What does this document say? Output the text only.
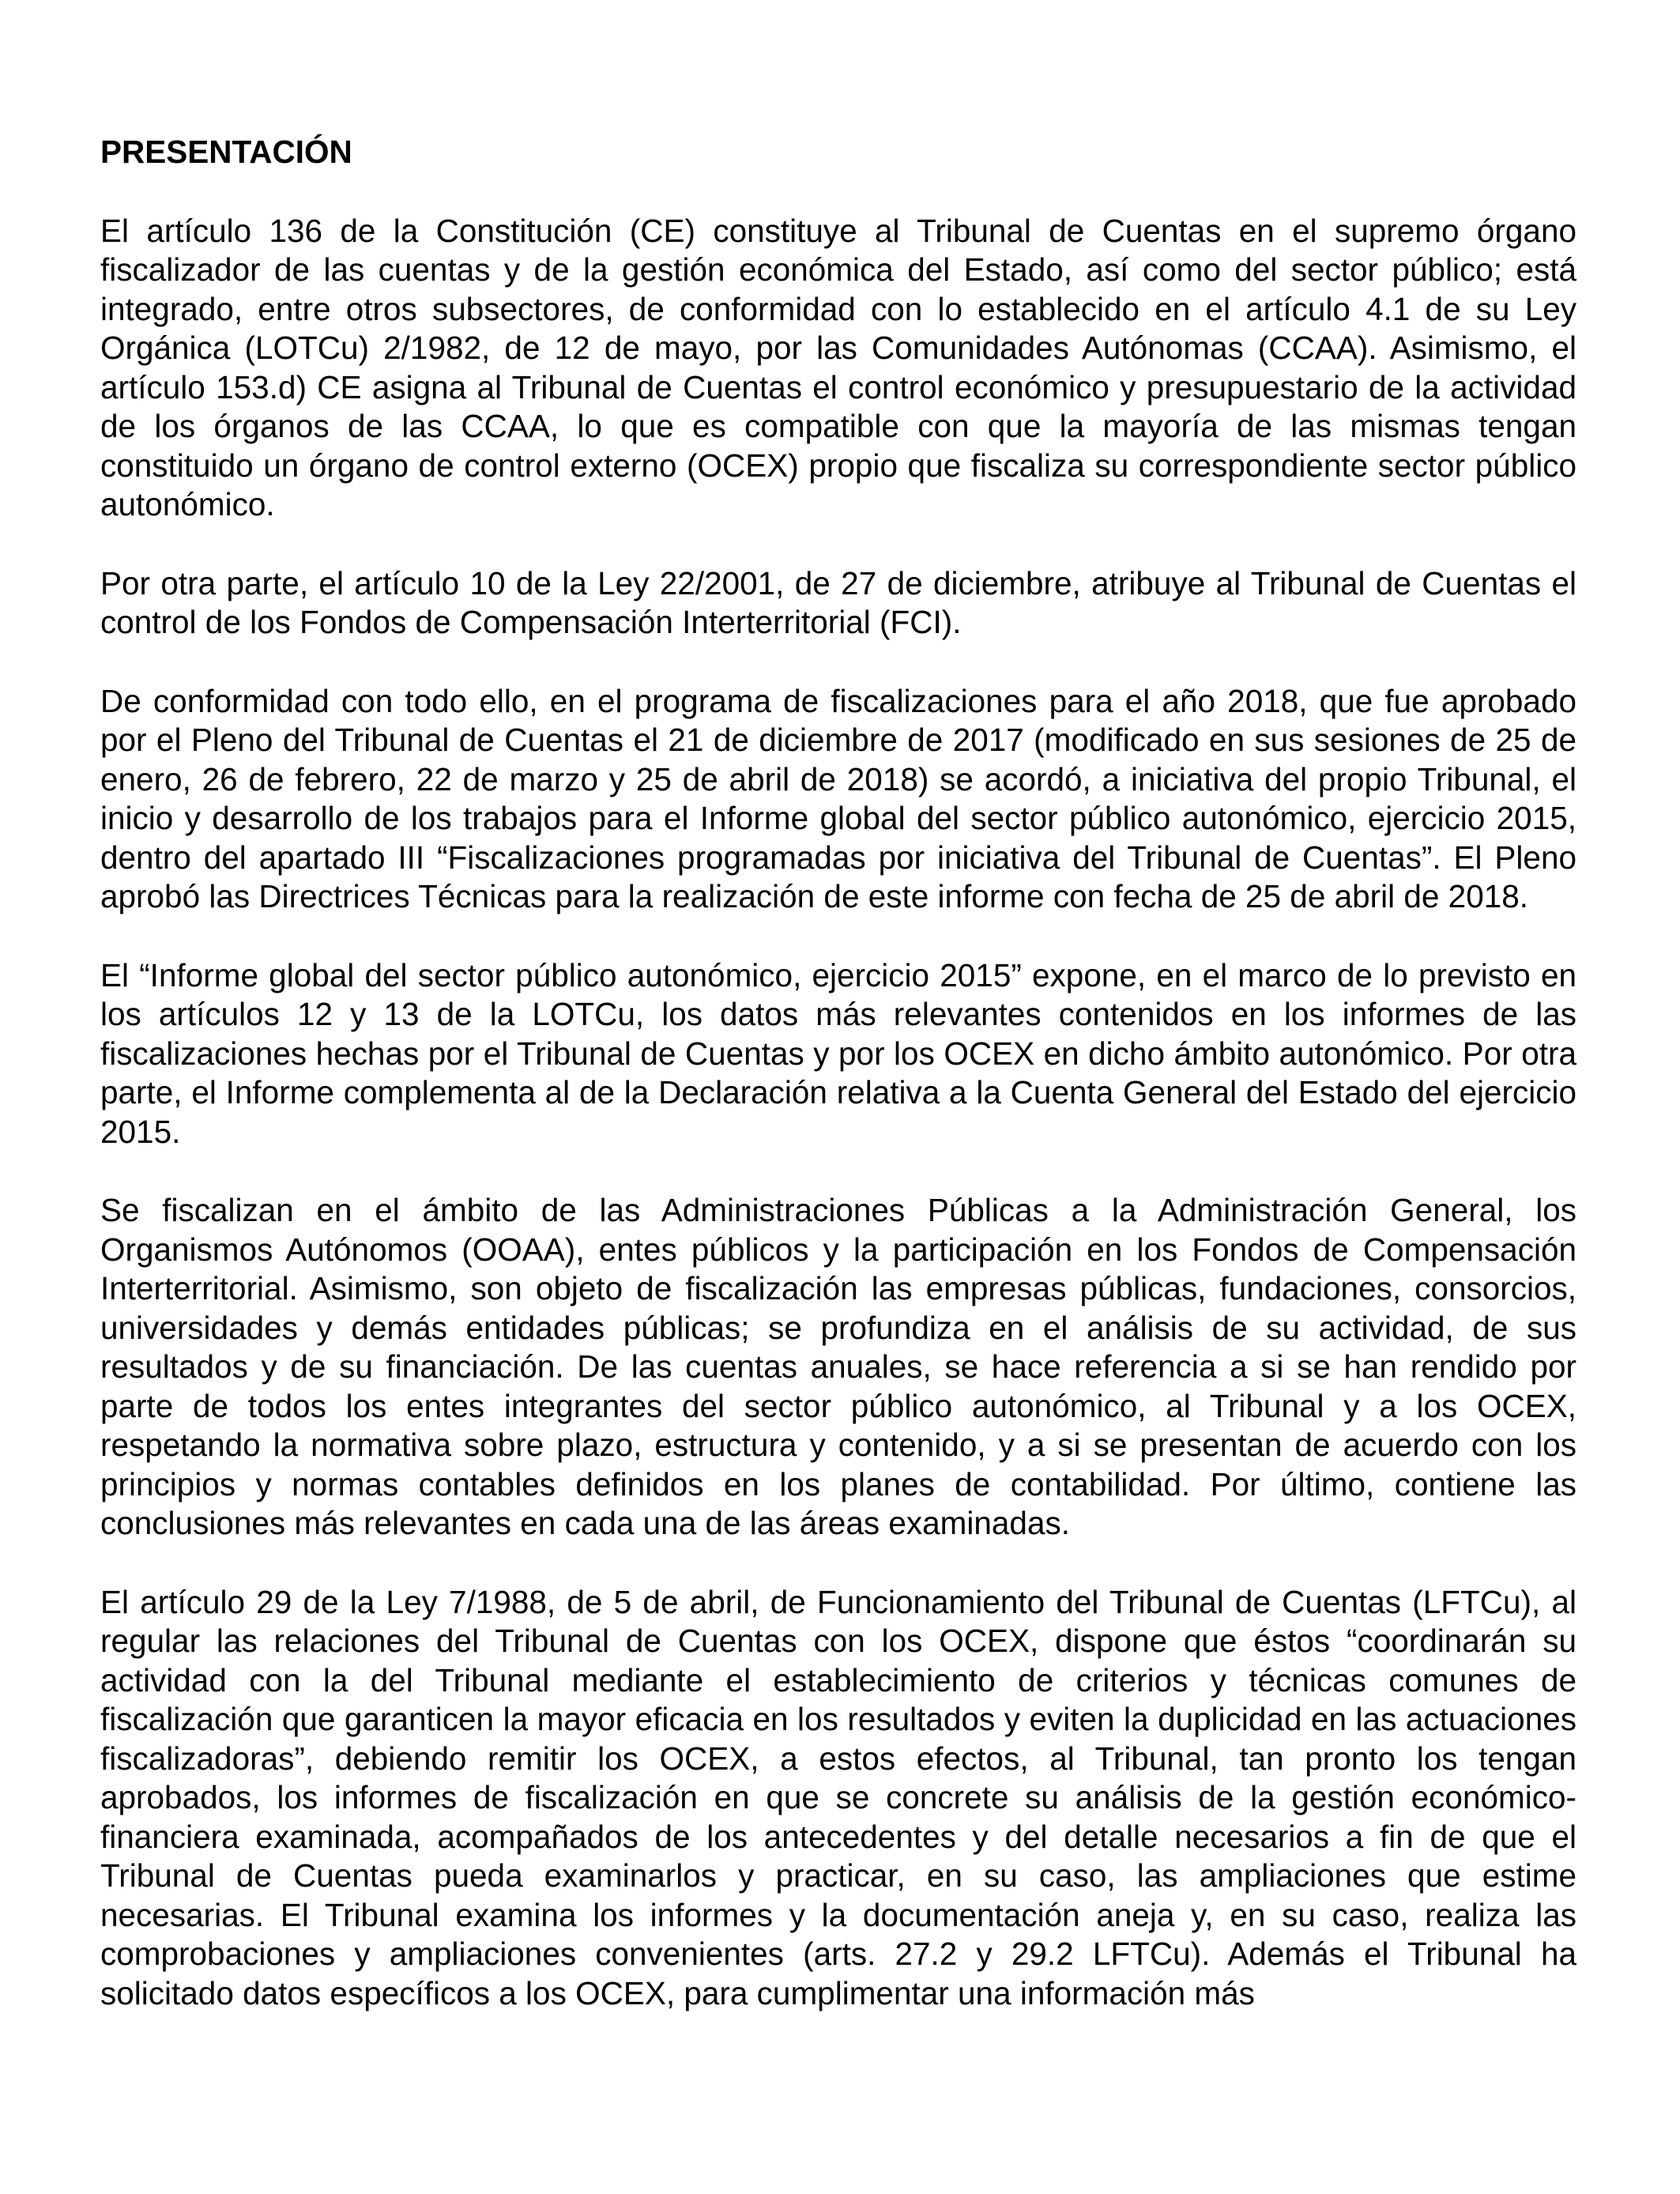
PRESENTACIÓN

El artículo 136 de la Constitución (CE) constituye al Tribunal de Cuentas en el supremo órgano fiscalizador de las cuentas y de la gestión económica del Estado, así como del sector público; está integrado, entre otros subsectores, de conformidad con lo establecido en el artículo 4.1 de su Ley Orgánica (LOTCu) 2/1982, de 12 de mayo, por las Comunidades Autónomas (CCAA). Asimismo, el artículo 153.d) CE asigna al Tribunal de Cuentas el control económico y presupuestario de la actividad de los órganos de las CCAA, lo que es compatible con que la mayoría de las mismas tengan constituido un órgano de control externo (OCEX) propio que fiscaliza su correspondiente sector público autonómico.

Por otra parte, el artículo 10 de la Ley 22/2001, de 27 de diciembre, atribuye al Tribunal de Cuentas el control de los Fondos de Compensación Interterritorial (FCI).

De conformidad con todo ello, en el programa de fiscalizaciones para el año 2018, que fue aprobado por el Pleno del Tribunal de Cuentas el 21 de diciembre de 2017 (modificado en sus sesiones de 25 de enero, 26 de febrero, 22 de marzo y 25 de abril de 2018) se acordó, a iniciativa del propio Tribunal, el inicio y desarrollo de los trabajos para el Informe global del sector público autonómico, ejercicio 2015, dentro del apartado III “Fiscalizaciones programadas por iniciativa del Tribunal de Cuentas”. El Pleno aprobó las Directrices Técnicas para la realización de este informe con fecha de 25 de abril de 2018.

El “Informe global del sector público autonómico, ejercicio 2015” expone, en el marco de lo previsto en los artículos 12 y 13 de la LOTCu, los datos más relevantes contenidos en los informes de las fiscalizaciones hechas por el Tribunal de Cuentas y por los OCEX en dicho ámbito autonómico. Por otra parte, el Informe complementa al de la Declaración relativa a la Cuenta General del Estado del ejercicio 2015.

Se fiscalizan en el ámbito de las Administraciones Públicas a la Administración General, los Organismos Autónomos (OOAA), entes públicos y la participación en los Fondos de Compensación Interterritorial. Asimismo, son objeto de fiscalización las empresas públicas, fundaciones, consorcios, universidades y demás entidades públicas; se profundiza en el análisis de su actividad, de sus resultados y de su financiación. De las cuentas anuales, se hace referencia a si se han rendido por parte de todos los entes integrantes del sector público autonómico, al Tribunal y a los OCEX, respetando la normativa sobre plazo, estructura y contenido, y a si se presentan de acuerdo con los principios y normas contables definidos en los planes de contabilidad. Por último, contiene las conclusiones más relevantes en cada una de las áreas examinadas.

El artículo 29 de la Ley 7/1988, de 5 de abril, de Funcionamiento del Tribunal de Cuentas (LFTCu), al regular las relaciones del Tribunal de Cuentas con los OCEX, dispone que éstos “coordinarán su actividad con la del Tribunal mediante el establecimiento de criterios y técnicas comunes de fiscalización que garanticen la mayor eficacia en los resultados y eviten la duplicidad en las actuaciones fiscalizadoras”, debiendo remitir los OCEX, a estos efectos, al Tribunal, tan pronto los tengan aprobados, los informes de fiscalización en que se concrete su análisis de la gestión económico-financiera examinada, acompañados de los antecedentes y del detalle necesarios a fin de que el Tribunal de Cuentas pueda examinarlos y practicar, en su caso, las ampliaciones que estime necesarias. El Tribunal examina los informes y la documentación aneja y, en su caso, realiza las comprobaciones y ampliaciones convenientes (arts. 27.2 y 29.2 LFTCu). Además el Tribunal ha solicitado datos específicos a los OCEX, para cumplimentar una información más
